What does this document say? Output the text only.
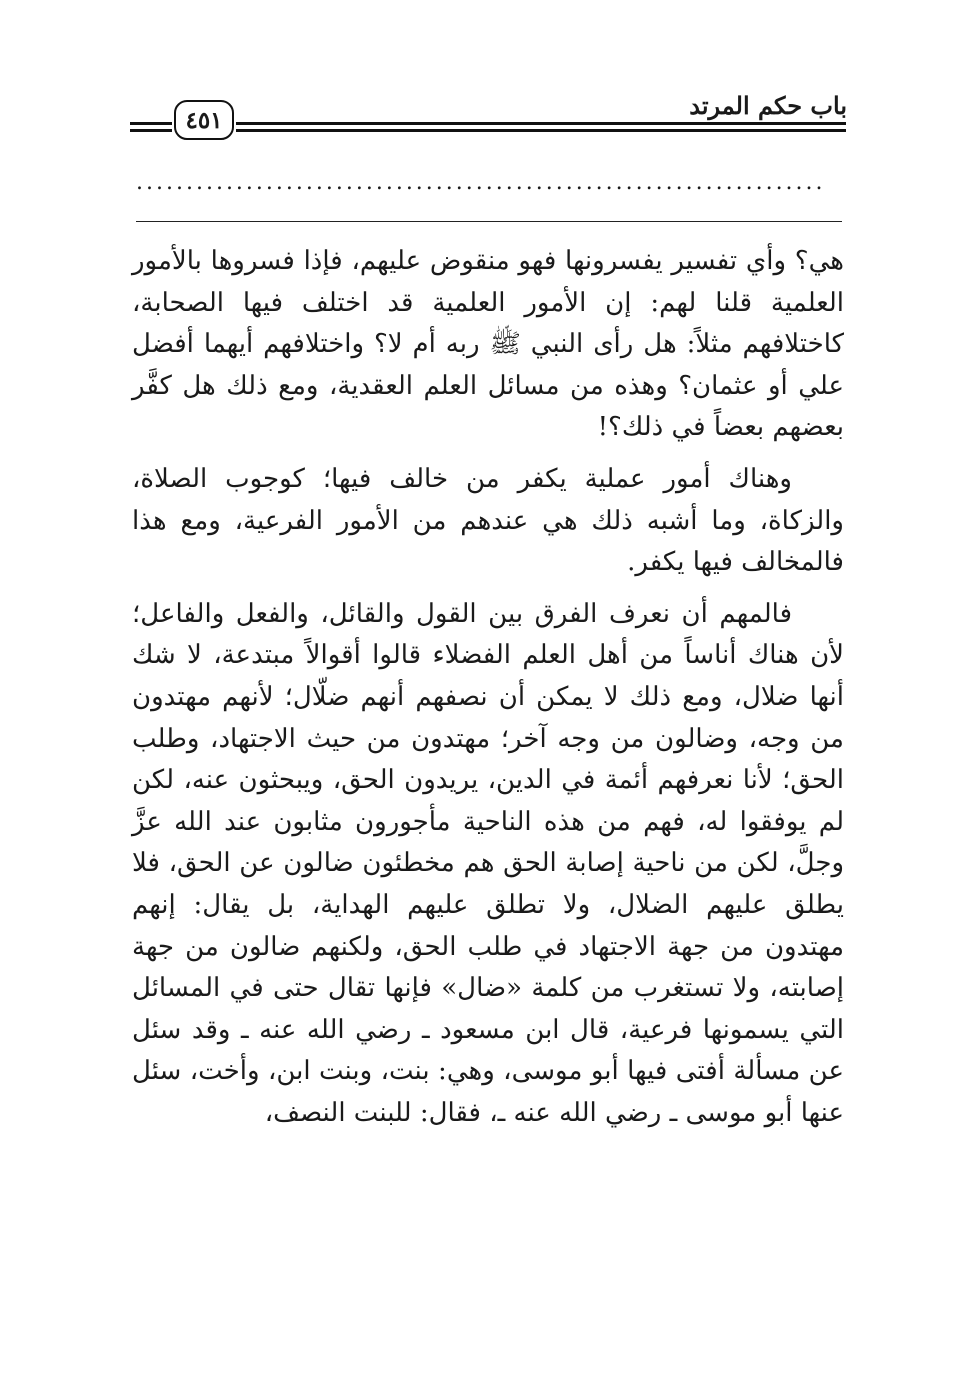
باب حكم المرتد
٤٥١

.....................................................................

هي؟ وأي تفسير يفسرونها فهو منقوض عليهم، فإذا فسروها بالأمور العلمية قلنا لهم: إن الأمور العلمية قد اختلف فيها الصحابة، كاختلافهم مثلاً: هل رأى النبي ﷺ ربه أم لا؟ واختلافهم أيهما أفضل علي أو عثمان؟ وهذه من مسائل العلم العقدية، ومع ذلك هل كفَّر بعضهم بعضاً في ذلك؟!

وهناك أمور عملية يكفر من خالف فيها؛ كوجوب الصلاة، والزكاة، وما أشبه ذلك هي عندهم من الأمور الفرعية، ومع هذا فالمخالف فيها يكفر.

فالمهم أن نعرف الفرق بين القول والقائل، والفعل والفاعل؛ لأن هناك أناساً من أهل العلم الفضلاء قالوا أقوالاً مبتدعة، لا شك أنها ضلال، ومع ذلك لا يمكن أن نصفهم أنهم ضلّال؛ لأنهم مهتدون من وجه، وضالون من وجه آخر؛ مهتدون من حيث الاجتهاد، وطلب الحق؛ لأنا نعرفهم أئمة في الدين، يريدون الحق، ويبحثون عنه، لكن لم يوفقوا له، فهم من هذه الناحية مأجورون مثابون عند الله عزَّ وجلَّ، لكن من ناحية إصابة الحق هم مخطئون ضالون عن الحق، فلا يطلق عليهم الضلال، ولا تطلق عليهم الهداية، بل يقال: إنهم مهتدون من جهة الاجتهاد في طلب الحق، ولكنهم ضالون من جهة إصابته، ولا تستغرب من كلمة «ضال» فإنها تقال حتى في المسائل التي يسمونها فرعية، قال ابن مسعود ـ رضي الله عنه ـ وقد سئل عن مسألة أفتى فيها أبو موسى، وهي: بنت، وبنت ابن، وأخت، سئل عنها أبو موسى ـ رضي الله عنه ـ، فقال: للبنت النصف،
